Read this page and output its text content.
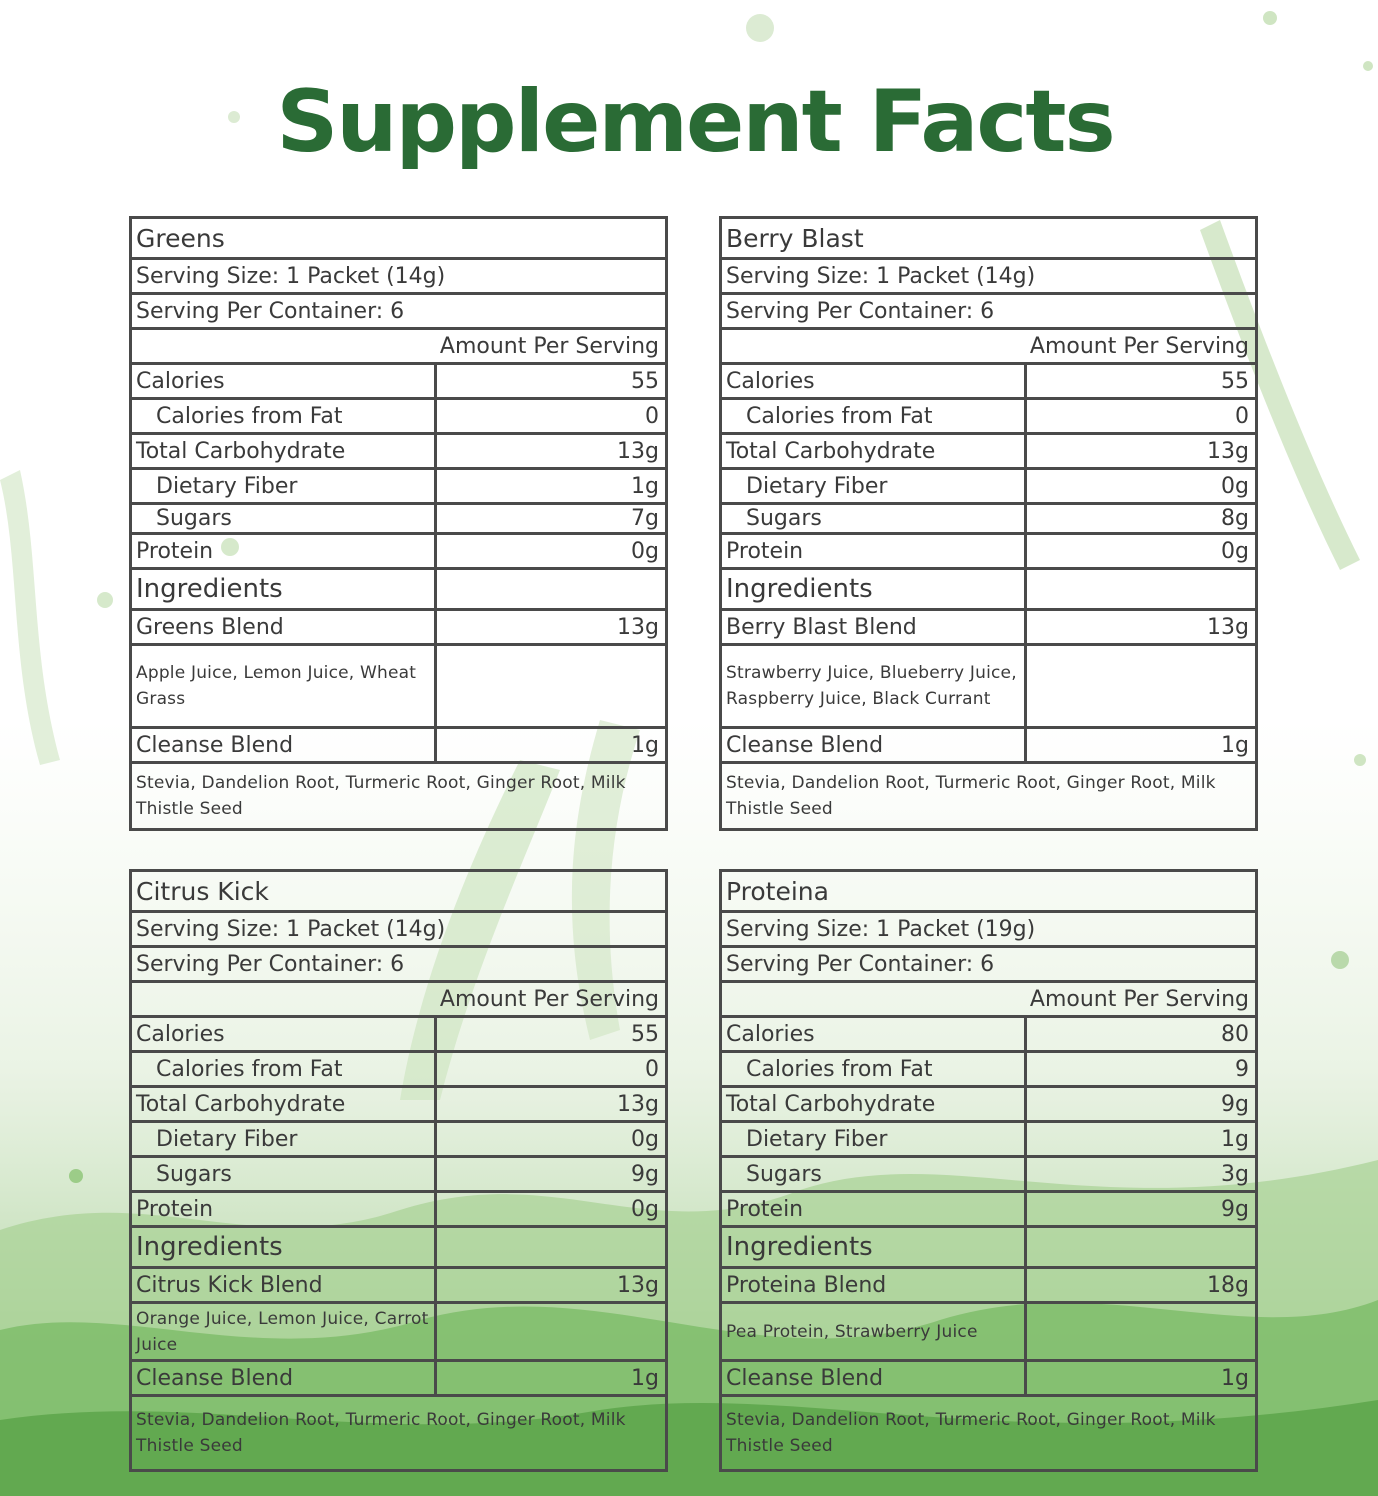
Supplement Facts
Greens
Serving Size: 1 Packet (14g)
Serving Per Container: 6
Amount Per Serving
Calories	55
Calories from Fat	0
Total Carbohydrate	13g
Dietary Fiber	1g
Sugars	7g
Protein	0g
Ingredients
Greens Blend	13g
Apple Juice, Lemon Juice, Wheat Grass
Cleanse Blend	1g
Stevia, Dandelion Root, Turmeric Root, Ginger Root, Milk Thistle Seed
Berry Blast
Serving Size: 1 Packet (14g)
Serving Per Container: 6
Amount Per Serving
Calories	55
Calories from Fat	0
Total Carbohydrate	13g
Dietary Fiber	0g
Sugars	8g
Protein	0g
Ingredients
Berry Blast Blend	13g
Strawberry Juice, Blueberry Juice, Raspberry Juice, Black Currant
Cleanse Blend	1g
Stevia, Dandelion Root, Turmeric Root, Ginger Root, Milk Thistle Seed
Citrus Kick
Serving Size: 1 Packet (14g)
Serving Per Container: 6
Amount Per Serving
Calories	55
Calories from Fat	0
Total Carbohydrate	13g
Dietary Fiber	0g
Sugars	9g
Protein	0g
Ingredients
Citrus Kick Blend	13g
Orange Juice, Lemon Juice, Carrot Juice
Cleanse Blend	1g
Stevia, Dandelion Root, Turmeric Root, Ginger Root, Milk Thistle Seed
Proteina
Serving Size: 1 Packet (19g)
Serving Per Container: 6
Amount Per Serving
Calories	80
Calories from Fat	9
Total Carbohydrate	9g
Dietary Fiber	1g
Sugars	3g
Protein	9g
Ingredients
Proteina Blend	18g
Pea Protein, Strawberry Juice
Cleanse Blend	1g
Stevia, Dandelion Root, Turmeric Root, Ginger Root, Milk Thistle Seed
